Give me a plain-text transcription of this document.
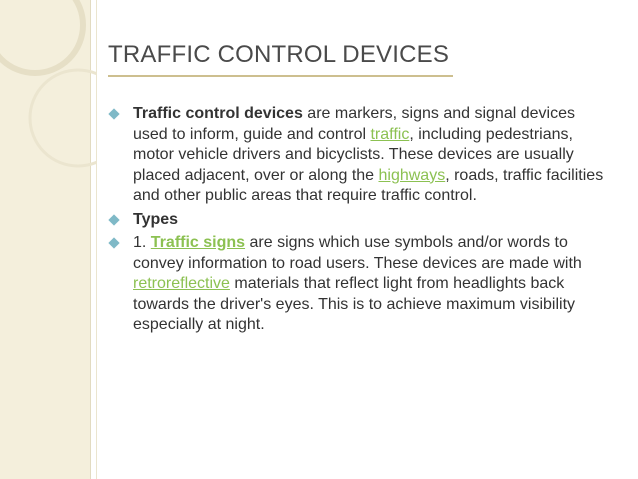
TRAFFIC CONTROL DEVICES
Traffic control devices are markers, signs and signal devices used to inform, guide and control traffic, including pedestrians, motor vehicle drivers and bicyclists. These devices are usually placed adjacent, over or along the highways, roads, traffic facilities and other public areas that require traffic control.
Types
1. Traffic signs are signs which use symbols and/or words to convey information to road users. These devices are made with retroreflective materials that reflect light from headlights back towards the driver's eyes. This is to achieve maximum visibility especially at night.
